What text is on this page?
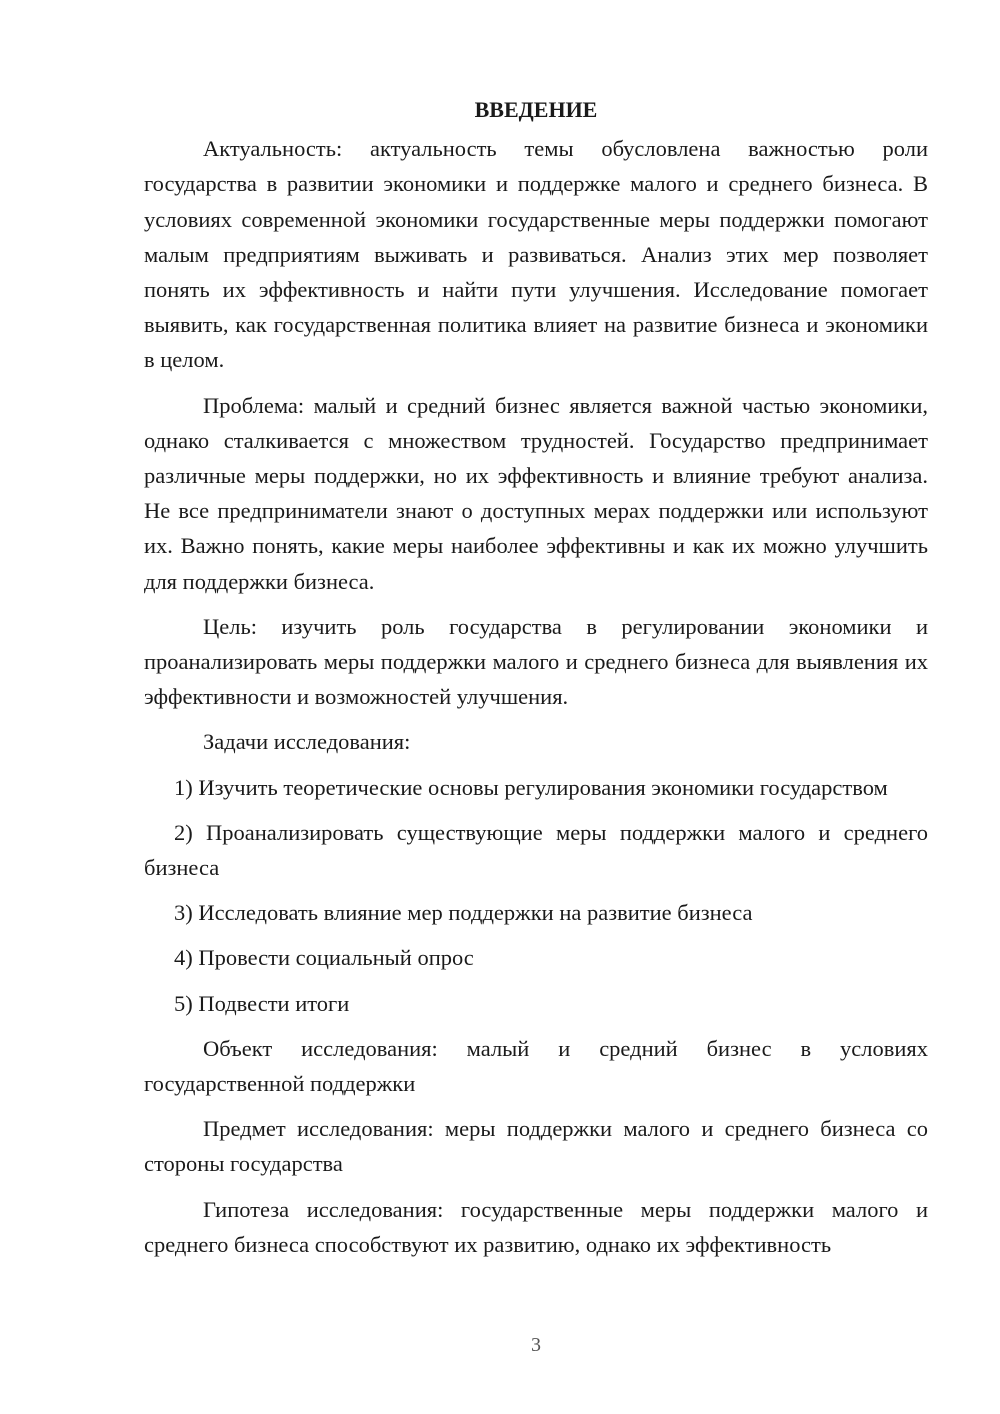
ВВЕДЕНИЕ

Актуальность: актуальность темы обусловлена важностью роли государства в развитии экономики и поддержке малого и среднего бизнеса. В условиях современной экономики государственные меры поддержки помогают малым предприятиям выживать и развиваться. Анализ этих мер позволяет понять их эффективность и найти пути улучшения. Исследование помогает выявить, как государственная политика влияет на развитие бизнеса и экономики в целом.

Проблема: малый и средний бизнес является важной частью экономики, однако сталкивается с множеством трудностей. Государство предпринимает различные меры поддержки, но их эффективность и влияние требуют анализа. Не все предприниматели знают о доступных мерах поддержки или используют их. Важно понять, какие меры наиболее эффективны и как их можно улучшить для поддержки бизнеса.

Цель: изучить роль государства в регулировании экономики и проанализировать меры поддержки малого и среднего бизнеса для выявления их эффективности и возможностей улучшения.

Задачи исследования:

1) Изучить теоретические основы регулирования экономики государством

2) Проанализировать существующие меры поддержки малого и среднего бизнеса

3) Исследовать влияние мер поддержки на развитие бизнеса

4) Провести социальный опрос

5) Подвести итоги

Объект исследования: малый и средний бизнес в условиях государственной поддержки

Предмет исследования: меры поддержки малого и среднего бизнеса со стороны государства

Гипотеза исследования: государственные меры поддержки малого и среднего бизнеса способствуют их развитию, однако их эффективность

3
